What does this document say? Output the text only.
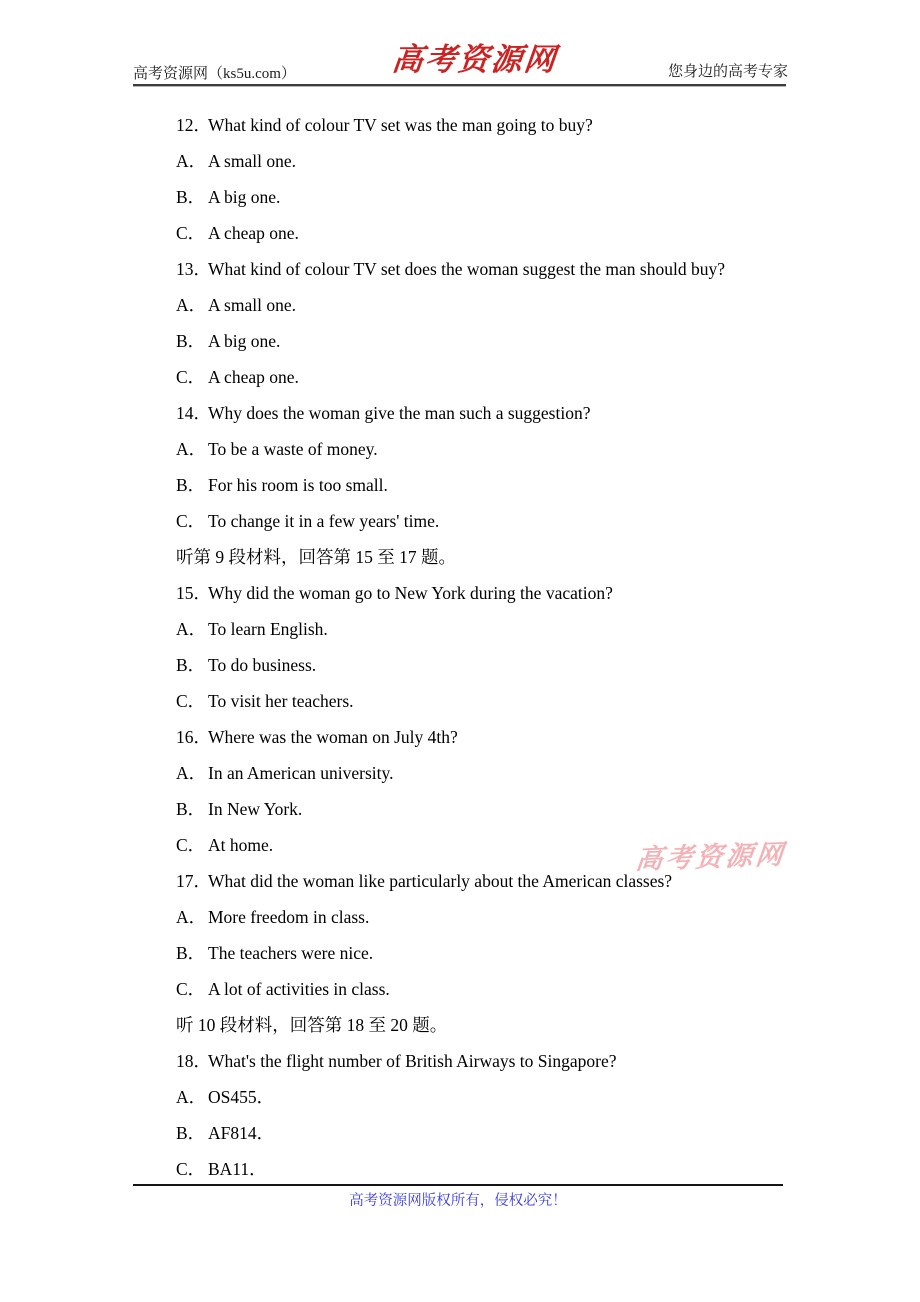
高考资源网（ks5u.com）	高考资源网	您身边的高考专家
12．What kind of colour TV set was the man going to buy?
A． A small one.
B． A big one.
C． A cheap one.
13．What kind of colour TV set does the woman suggest the man should buy?
A． A small one.
B． A big one.
C． A cheap one.
14．Why does the woman give the man such a suggestion?
A． To be a waste of money.
B． For his room is too small.
C． To change it in a few years' time.
听第 9 段材料，回答第 15 至 17 题。
15．Why did the woman go to New York during the vacation?
A． To learn English.
B． To do business.
C． To visit her teachers.
16．Where was the woman on July 4th?
A． In an American university.
B． In New York.
C． At home.
17．What did the woman like particularly about the American classes?
A． More freedom in class.
B． The teachers were nice.
C． A lot of activities in class.
听 10 段材料，回答第 18 至 20 题。
18．What's the flight number of British Airways to Singapore?
A． OS455．
B． AF814．
C． BA11．
高考资源网
高考资源网版权所有，侵权必究！
